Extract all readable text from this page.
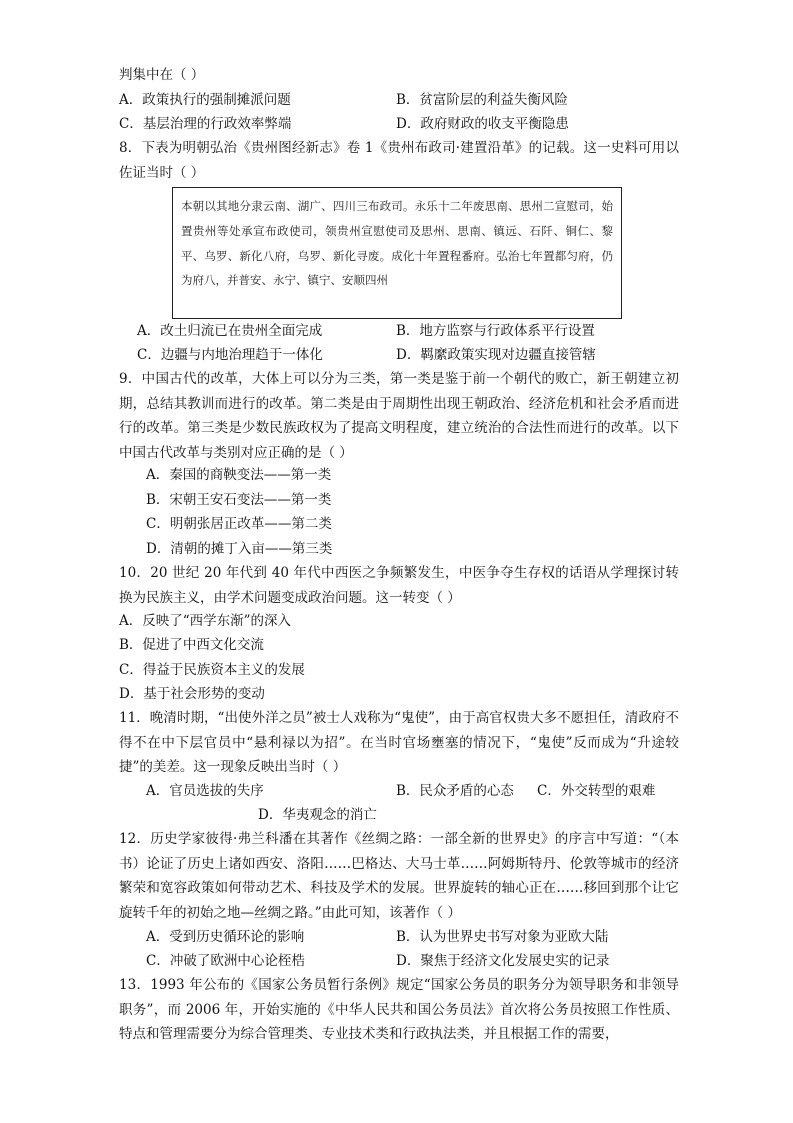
判集中在（ ）
A．政策执行的强制摊派问题	B．贫富阶层的利益失衡风险
C．基层治理的行政效率弊端	D．政府财政的收支平衡隐患
8．下表为明朝弘治《贵州图经新志》卷 1《贵州布政司·建置沿革》的记载。这一史料可用以佐证当时（ ）

本朝以其地分隶云南、湖广、四川三布政司。永乐十二年废思南、思州二宣慰司，始置贵州等处承宣布政使司，领贵州宣慰使司及思州、思南、镇远、石阡、铜仁、黎平、乌罗、新化八府，乌罗、新化寻废。成化十年置程番府。弘治七年置都匀府，仍为府八，并普安、永宁、镇宁、安顺四州

A．改土归流已在贵州全面完成	B．地方监察与行政体系平行设置
C．边疆与内地治理趋于一体化	D．羁縻政策实现对边疆直接管辖
9．中国古代的改革，大体上可以分为三类，第一类是鉴于前一个朝代的败亡，新王朝建立初期，总结其教训而进行的改革。第二类是由于周期性出现王朝政治、经济危机和社会矛盾而进行的改革。第三类是少数民族政权为了提高文明程度，建立统治的合法性而进行的改革。以下中国古代改革与类别对应正确的是（ ）
A．秦国的商鞅变法——第一类
B．宋朝王安石变法——第一类
C．明朝张居正改革——第二类
D．清朝的摊丁入亩——第三类
10．20 世纪 20 年代到 40 年代中西医之争频繁发生，中医争夺生存权的话语从学理探讨转换为民族主义，由学术问题变成政治问题。这一转变（ ）
A．反映了“西学东渐”的深入
B．促进了中西文化交流
C．得益于民族资本主义的发展
D．基于社会形势的变动
11．晚清时期，“出使外洋之员”被士人戏称为“鬼使”，由于高官权贵大多不愿担任，清政府不得不在中下层官员中“悬利禄以为招”。在当时官场壅塞的情况下，“鬼使”反而成为“升途较捷”的美差。这一现象反映出当时（ ）
A．官员选拔的失序	B．民众矛盾的心态 C．外交转型的艰难
D．华夷观念的消亡
12．历史学家彼得·弗兰科潘在其著作《丝绸之路：一部全新的世界史》的序言中写道：“（本书）论证了历史上诸如西安、洛阳……巴格达、大马士革……阿姆斯特丹、伦敦等城市的经济繁荣和宽容政策如何带动艺术、科技及学术的发展。世界旋转的轴心正在……移回到那个让它旋转千年的初始之地—丝绸之路。”由此可知，该著作（ ）
A．受到历史循环论的影响	B．认为世界史书写对象为亚欧大陆
C．冲破了欧洲中心论桎梏	D．聚焦于经济文化发展史实的记录
13．1993 年公布的《国家公务员暂行条例》规定“国家公务员的职务分为领导职务和非领导职务”，而 2006 年，开始实施的《中华人民共和国公务员法》首次将公务员按照工作性质、特点和管理需要分为综合管理类、专业技术类和行政执法类，并且根据工作的需要，
